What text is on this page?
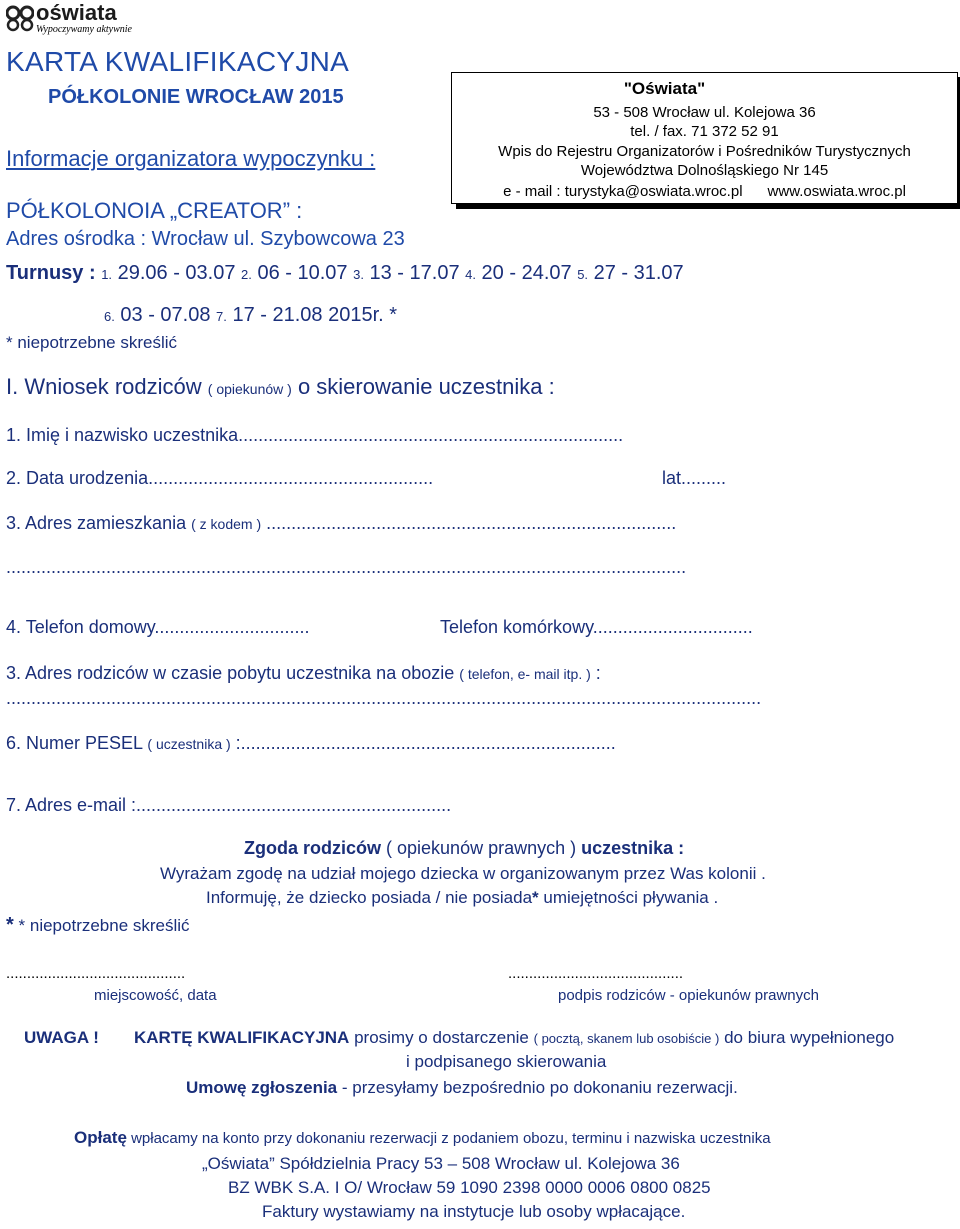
oświata
Wypoczywamy aktywnie
KARTA KWALIFIKACYJNA
PÓŁKOLONIE WROCŁAW 2015
Informacje organizatora wypoczynku :
PÓŁKOLONOIA „CREATOR” :
Adres ośrodka : Wrocław ul. Szybowcowa 23
"Oświata"
53 - 508 Wrocław ul. Kolejowa 36
tel. / fax. 71 372 52 91
Wpis do Rejestru Organizatorów i Pośredników Turystycznych
Województwa Dolnośląskiego Nr 145
e - mail : turystyka@oswiata.wroc.pl www.oswiata.wroc.pl
Turnusy : 1. 29.06 - 03.07 2. 06 - 10.07 3. 13 - 17.07 4. 20 - 24.07 5. 27 - 31.07
6. 03 - 07.08 7. 17 - 21.08 2015r. *
* niepotrzebne skreślić
I. Wniosek rodziców ( opiekunów ) o skierowanie uczestnika :
1. Imię i nazwisko uczestnika.............................................................................
2. Data urodzenia.........................................................	lat.........
3. Adres zamieszkania ( z kodem ) ..................................................................................
........................................................................................................................................
4. Telefon domowy...............................	Telefon komórkowy................................
3. Adres rodziców w czasie pobytu uczestnika na obozie ( telefon, e- mail itp. ) :
.......................................................................................................................................................
6. Numer PESEL ( uczestnika ) :...........................................................................
7. Adres e-mail :...............................................................
Zgoda rodziców ( opiekunów prawnych ) uczestnika :
Wyrażam zgodę na udział mojego dziecka w organizowanym przez Was kolonii .
Informuję, że dziecko posiada / nie posiada* umiejętności pływania .
* * niepotrzebne skreślić
...........................................
miejscowość, data
..........................................
podpis rodziców - opiekunów prawnych
UWAGA ! KARTĘ KWALIFIKACYJNA prosimy o dostarczenie ( pocztą, skanem lub osobiście ) do biura wypełnionego
i podpisanego skierowania
Umowę zgłoszenia - przesyłamy bezpośrednio po dokonaniu rezerwacji.
Opłatę wpłacamy na konto przy dokonaniu rezerwacji z podaniem obozu, terminu i nazwiska uczestnika
„Oświata” Spółdzielnia Pracy 53 – 508 Wrocław ul. Kolejowa 36
BZ WBK S.A. I O/ Wrocław 59 1090 2398 0000 0006 0800 0825
Faktury wystawiamy na instytucje lub osoby wpłacające.
